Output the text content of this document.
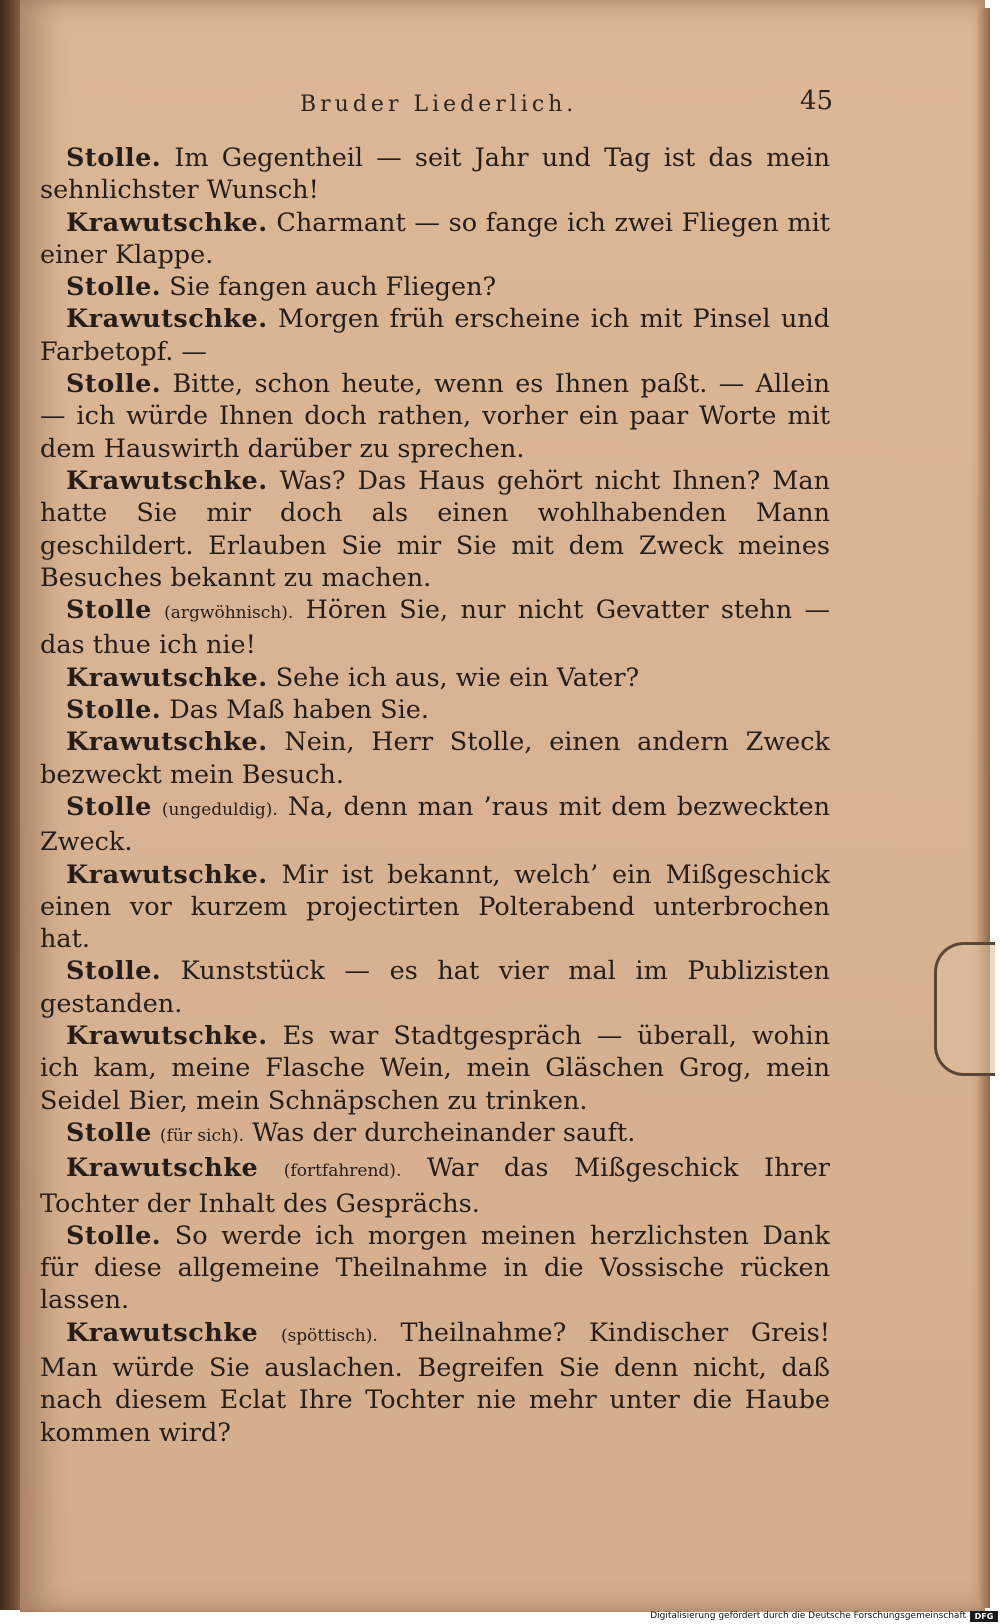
Bruder Liederlich.	45

Stolle. Im Gegentheil — seit Jahr und Tag ist das mein sehnlichster Wunsch!

Krawutschke. Charmant — so fange ich zwei Fliegen mit einer Klappe.

Stolle. Sie fangen auch Fliegen?

Krawutschke. Morgen früh erscheine ich mit Pinsel und Farbetopf. —

Stolle. Bitte, schon heute, wenn es Ihnen paßt. — Allein — ich würde Ihnen doch rathen, vorher ein paar Worte mit dem Hauswirth darüber zu sprechen.

Krawutschke. Was? Das Haus gehört nicht Ihnen? Man hatte Sie mir doch als einen wohlhabenden Mann geschildert. Erlauben Sie mir Sie mit dem Zweck meines Besuches bekannt zu machen.

Stolle (argwöhnisch). Hören Sie, nur nicht Gevatter stehn — das thue ich nie!

Krawutschke. Sehe ich aus, wie ein Vater?

Stolle. Das Maß haben Sie.

Krawutschke. Nein, Herr Stolle, einen andern Zweck bezweckt mein Besuch.

Stolle (ungeduldig). Na, denn man ’raus mit dem bezweckten Zweck.

Krawutschke. Mir ist bekannt, welch’ ein Mißgeschick einen vor kurzem projectirten Polterabend unterbrochen hat.

Stolle. Kunststück — es hat vier mal im Publizisten gestanden.

Krawutschke. Es war Stadtgespräch — überall, wohin ich kam, meine Flasche Wein, mein Gläschen Grog, mein Seidel Bier, mein Schnäpschen zu trinken.

Stolle (für sich). Was der durcheinander sauft.

Krawutschke (fortfahrend). War das Mißgeschick Ihrer Tochter der Inhalt des Gesprächs.

Stolle. So werde ich morgen meinen herzlichsten Dank für diese allgemeine Theilnahme in die Vossische rücken lassen.

Krawutschke (spöttisch). Theilnahme? Kindischer Greis! Man würde Sie auslachen. Begreifen Sie denn nicht, daß nach diesem Eclat Ihre Tochter nie mehr unter die Haube kommen wird?

Digitalisierung gefördert durch die Deutsche Forschungsgemeinschaft	DFG
